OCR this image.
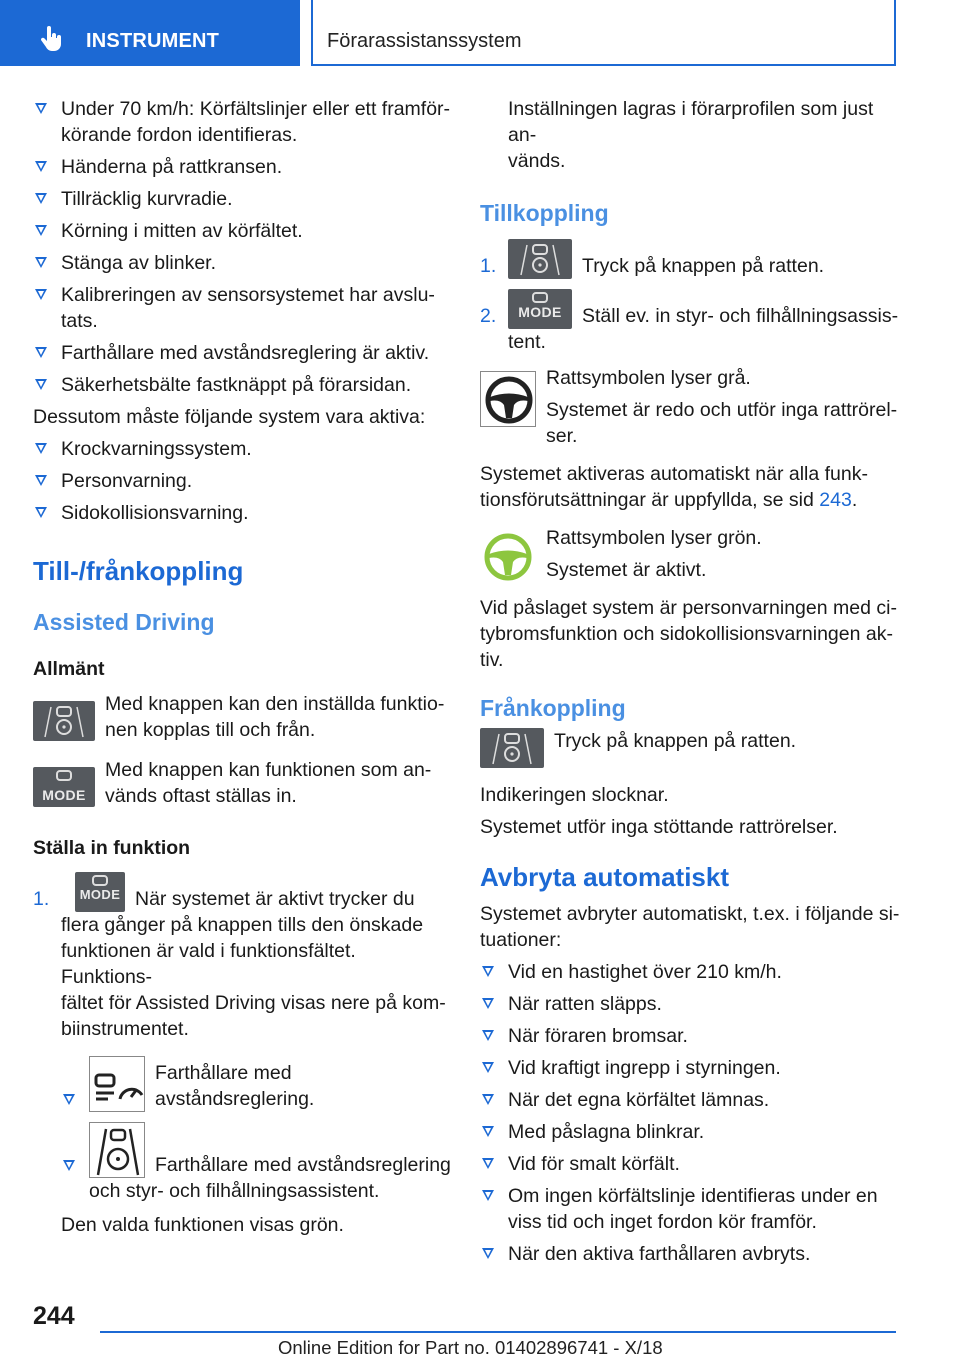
INSTRUMENT	Förarassistanssystem
Under 70 km/h: Körfältslinjer eller ett framför-
körande fordon identifieras.
Händerna på rattkransen.
Tillräcklig kurvradie.
Körning i mitten av körfältet.
Stänga av blinker.
Kalibreringen av sensorsystemet har avslu-
tats.
Farthållare med avståndsreglering är aktiv.
Säkerhetsbälte fastknäppt på förarsidan.
Dessutom måste följande system vara aktiva:
Krockvarningssystem.
Personvarning.
Sidokollisionsvarning.
Till-/frånkoppling
Assisted Driving
Allmänt
Med knappen kan den inställda funktio-
nen kopplas till och från.
MODE
Med knappen kan funktionen som an-
vänds oftast ställas in.
Ställa in funktion
1.	MODE När systemet är aktivt trycker du
flera gånger på knappen tills den önskade
funktionen är vald i funktionsfältet. Funktions-
fältet för Assisted Driving visas nere på kom-
biinstrumentet.
Farthållare med avståndsreglering.
Farthållare med avståndsreglering
och styr- och filhållningsassistent.
Den valda funktionen visas grön.
Inställningen lagras i förarprofilen som just an-
vänds.
Tillkoppling
1.	Tryck på knappen på ratten.
2.	MODE	Ställ ev. in styr- och filhållningsassis-
tent.
Rattsymbolen lyser grå.
Systemet är redo och utför inga rattrörel-
ser.
Systemet aktiveras automatiskt när alla funk-
tionsförutsättningar är uppfyllda, se sid 243.
Rattsymbolen lyser grön.
Systemet är aktivt.
Vid påslaget system är personvarningen med ci-
tybromsfunktion och sidokollisionsvarningen ak-
tiv.
Frånkoppling
Tryck på knappen på ratten.
Indikeringen slocknar.
Systemet utför inga stöttande rattrörelser.
Avbryta automatiskt
Systemet avbryter automatiskt, t.ex. i följande si-
tuationer:
Vid en hastighet över 210 km/h.
När ratten släpps.
När föraren bromsar.
Vid kraftigt ingrepp i styrningen.
När det egna körfältet lämnas.
Med påslagna blinkrar.
Vid för smalt körfält.
Om ingen körfältslinje identifieras under en
viss tid och inget fordon kör framför.
När den aktiva farthållaren avbryts.
244
Online Edition for Part no. 01402896741 - X/18
